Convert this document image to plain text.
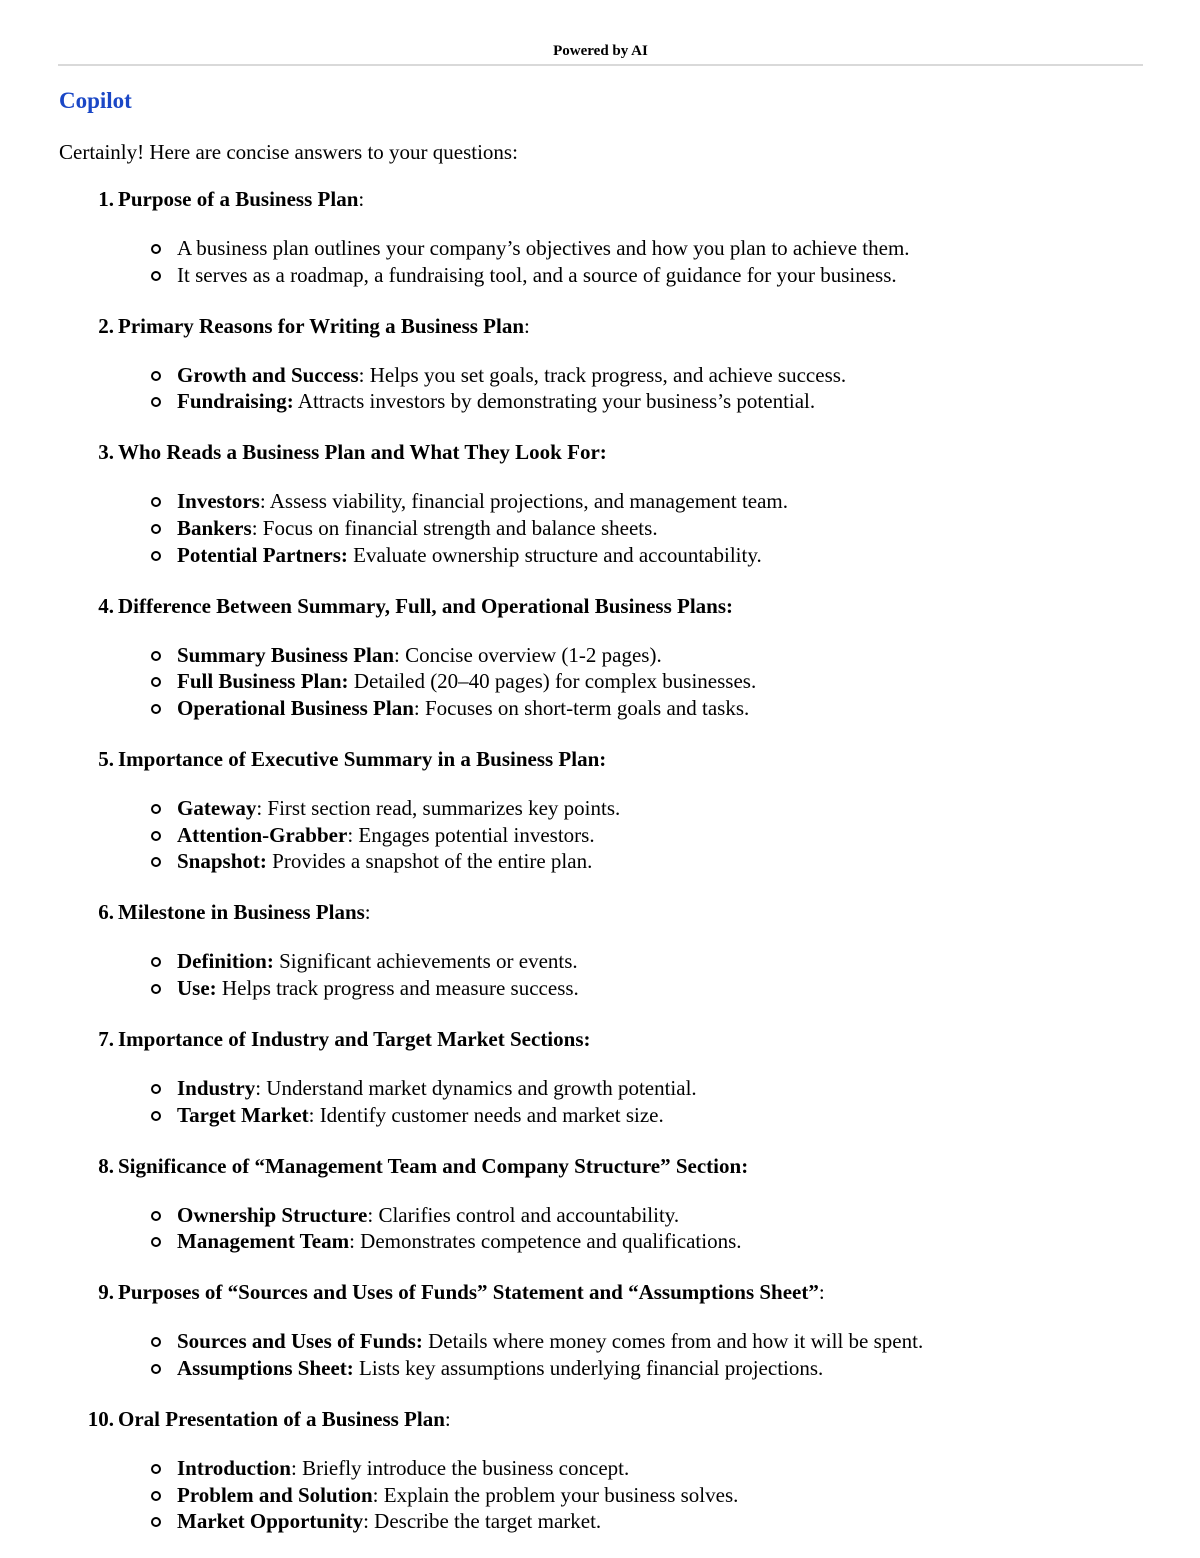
Powered by AI
Copilot

Certainly! Here are concise answers to your questions:

1. Purpose of a Business Plan:
A business plan outlines your company’s objectives and how you plan to achieve them.
It serves as a roadmap, a fundraising tool, and a source of guidance for your business.
2. Primary Reasons for Writing a Business Plan:
Growth and Success: Helps you set goals, track progress, and achieve success.
Fundraising: Attracts investors by demonstrating your business’s potential.
3. Who Reads a Business Plan and What They Look For:
Investors: Assess viability, financial projections, and management team.
Bankers: Focus on financial strength and balance sheets.
Potential Partners: Evaluate ownership structure and accountability.
4. Difference Between Summary, Full, and Operational Business Plans:
Summary Business Plan: Concise overview (1-2 pages).
Full Business Plan: Detailed (20–40 pages) for complex businesses.
Operational Business Plan: Focuses on short-term goals and tasks.
5. Importance of Executive Summary in a Business Plan:
Gateway: First section read, summarizes key points.
Attention-Grabber: Engages potential investors.
Snapshot: Provides a snapshot of the entire plan.
6. Milestone in Business Plans:
Definition: Significant achievements or events.
Use: Helps track progress and measure success.
7. Importance of Industry and Target Market Sections:
Industry: Understand market dynamics and growth potential.
Target Market: Identify customer needs and market size.
8. Significance of “Management Team and Company Structure” Section:
Ownership Structure: Clarifies control and accountability.
Management Team: Demonstrates competence and qualifications.
9. Purposes of “Sources and Uses of Funds” Statement and “Assumptions Sheet”:
Sources and Uses of Funds: Details where money comes from and how it will be spent.
Assumptions Sheet: Lists key assumptions underlying financial projections.
10. Oral Presentation of a Business Plan:
Introduction: Briefly introduce the business concept.
Problem and Solution: Explain the problem your business solves.
Market Opportunity: Describe the target market.
